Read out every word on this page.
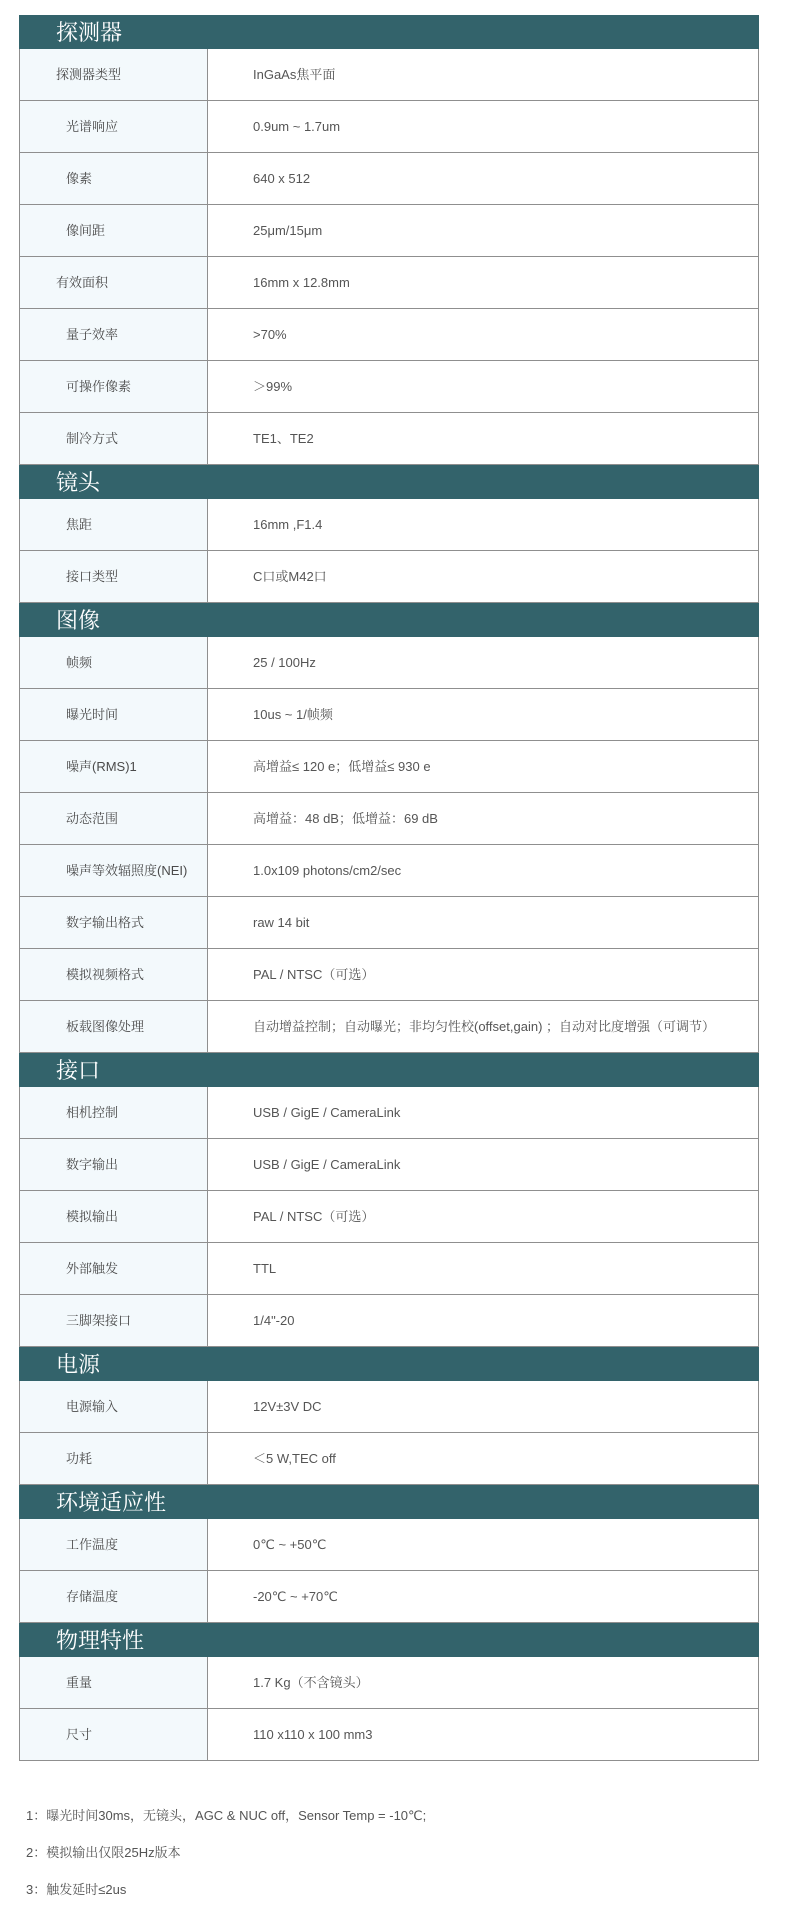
探测器
探测器类型	InGaAs焦平面
光谱响应	0.9um ~ 1.7um
像素	640 x 512
像间距	25μm/15μm
有效面积	16mm x 12.8mm
量子效率	>70%
可操作像素	＞99%
制冷方式	TE1、TE2
镜头
焦距	16mm ,F1.4
接口类型	C口或M42口
图像
帧频	25 / 100Hz
曝光时间	10us ~ 1/帧频
噪声(RMS)1	高增益≤ 120 e；低增益≤ 930 e
动态范围	高增益：48 dB；低增益：69 dB
噪声等效辐照度(NEI)	1.0x109 photons/cm2/sec
数字输出格式	raw 14 bit
模拟视频格式	PAL / NTSC（可选）
板载图像处理	自动增益控制；自动曝光；非均匀性校(offset,gain) ；自动对比度增强（可调节）
接口
相机控制	USB / GigE / CameraLink
数字输出	USB / GigE / CameraLink
模拟输出	PAL / NTSC（可选）
外部触发	TTL
三脚架接口	1/4"-20
电源
电源输入	12V±3V DC
功耗	＜5 W,TEC off
环境适应性
工作温度	0℃ ~ +50℃
存储温度	-20℃ ~ +70℃
物理特性
重量	1.7 Kg（不含镜头）
尺寸	110 x110 x 100 mm3
1：曝光时间30ms，无镜头，AGC & NUC off，Sensor Temp = -10℃;
2：模拟输出仅限25Hz版本
3：触发延时≤2us
